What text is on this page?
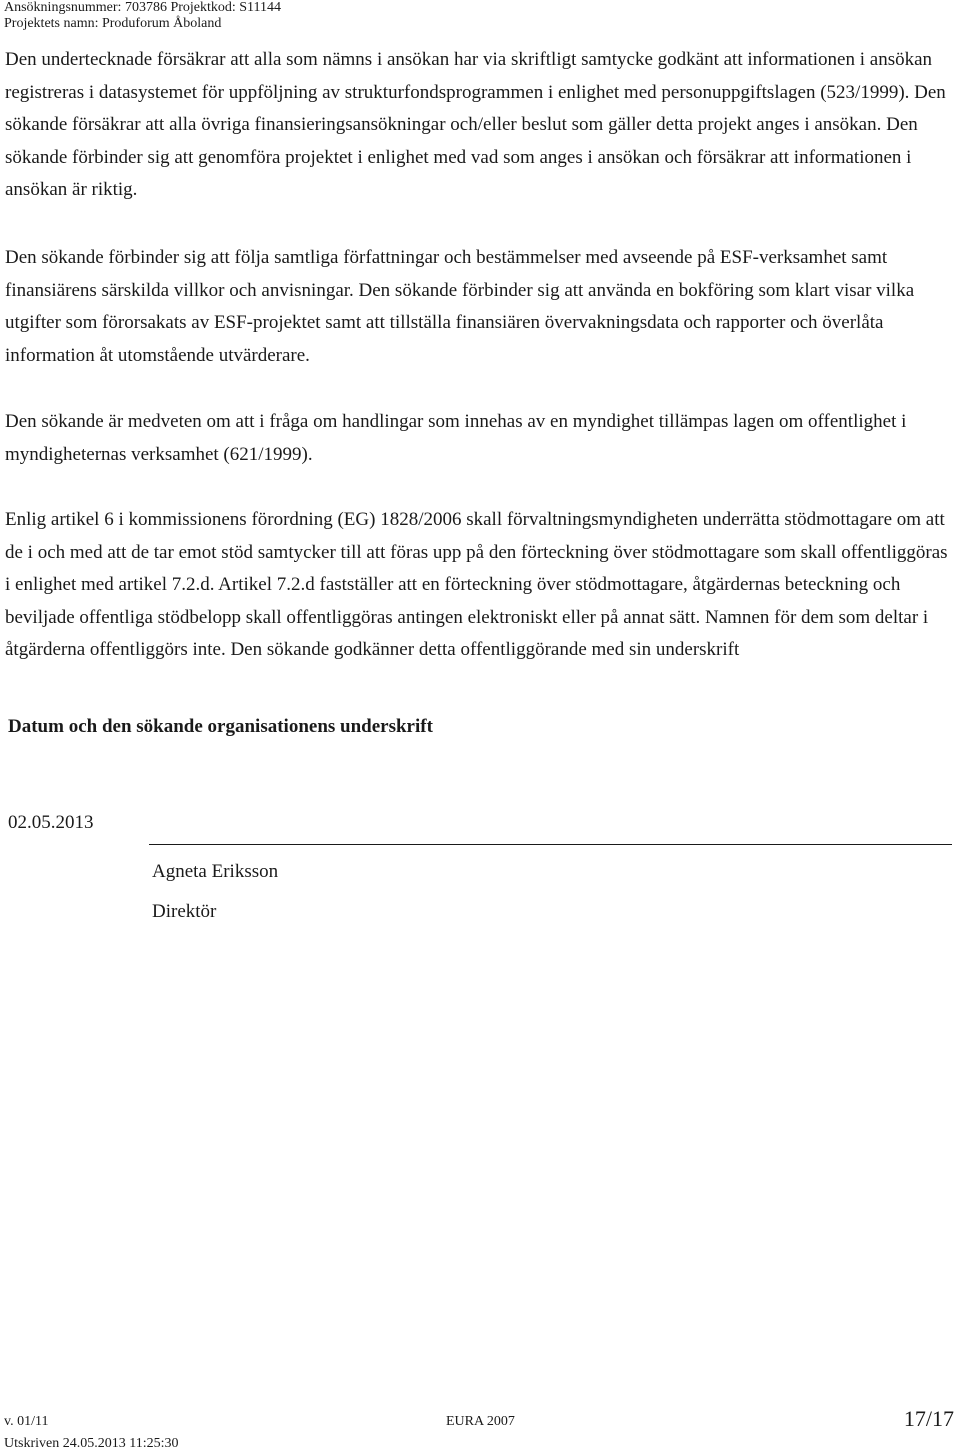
Ansökningsnummer: 703786 Projektkod: S11144
Projektets namn: Produforum Åboland

Den undertecknade försäkrar att alla som nämns i ansökan har via skriftligt samtycke godkänt att informationen i ansökan registreras i datasystemet för uppföljning av strukturfondsprogrammen i enlighet med personuppgiftslagen (523/1999). Den sökande försäkrar att alla övriga finansieringsansökningar och/eller beslut som gäller detta projekt anges i ansökan. Den sökande förbinder sig att genomföra projektet i enlighet med vad som anges i ansökan och försäkrar att informationen i ansökan är riktig.

Den sökande förbinder sig att följa samtliga författningar och bestämmelser med avseende på ESF-verksamhet samt finansiärens särskilda villkor och anvisningar. Den sökande förbinder sig att använda en bokföring som klart visar vilka utgifter som förorsakats av ESF-projektet samt att tillställa finansiären övervakningsdata och rapporter och överlåta information åt utomstående utvärderare.

Den sökande är medveten om att i fråga om handlingar som innehas av en myndighet tillämpas lagen om offentlighet i myndigheternas verksamhet (621/1999).

Enlig artikel 6 i kommissionens förordning (EG) 1828/2006 skall förvaltningsmyndigheten underrätta stödmottagare om att de i och med att de tar emot stöd samtycker till att föras upp på den förteckning över stödmottagare som skall offentliggöras i enlighet med artikel 7.2.d. Artikel 7.2.d fastställer att en förteckning över stödmottagare, åtgärdernas beteckning och beviljade offentliga stödbelopp skall offentliggöras antingen elektroniskt eller på annat sätt. Namnen för dem som deltar i åtgärderna offentliggörs inte. Den sökande godkänner detta offentliggörande med sin underskrift

Datum och den sökande organisationens underskrift
02.05.2013
Agneta Eriksson
Direktör
v. 01/11	EURA 2007	17/17
Utskriven 24.05.2013 11:25:30
